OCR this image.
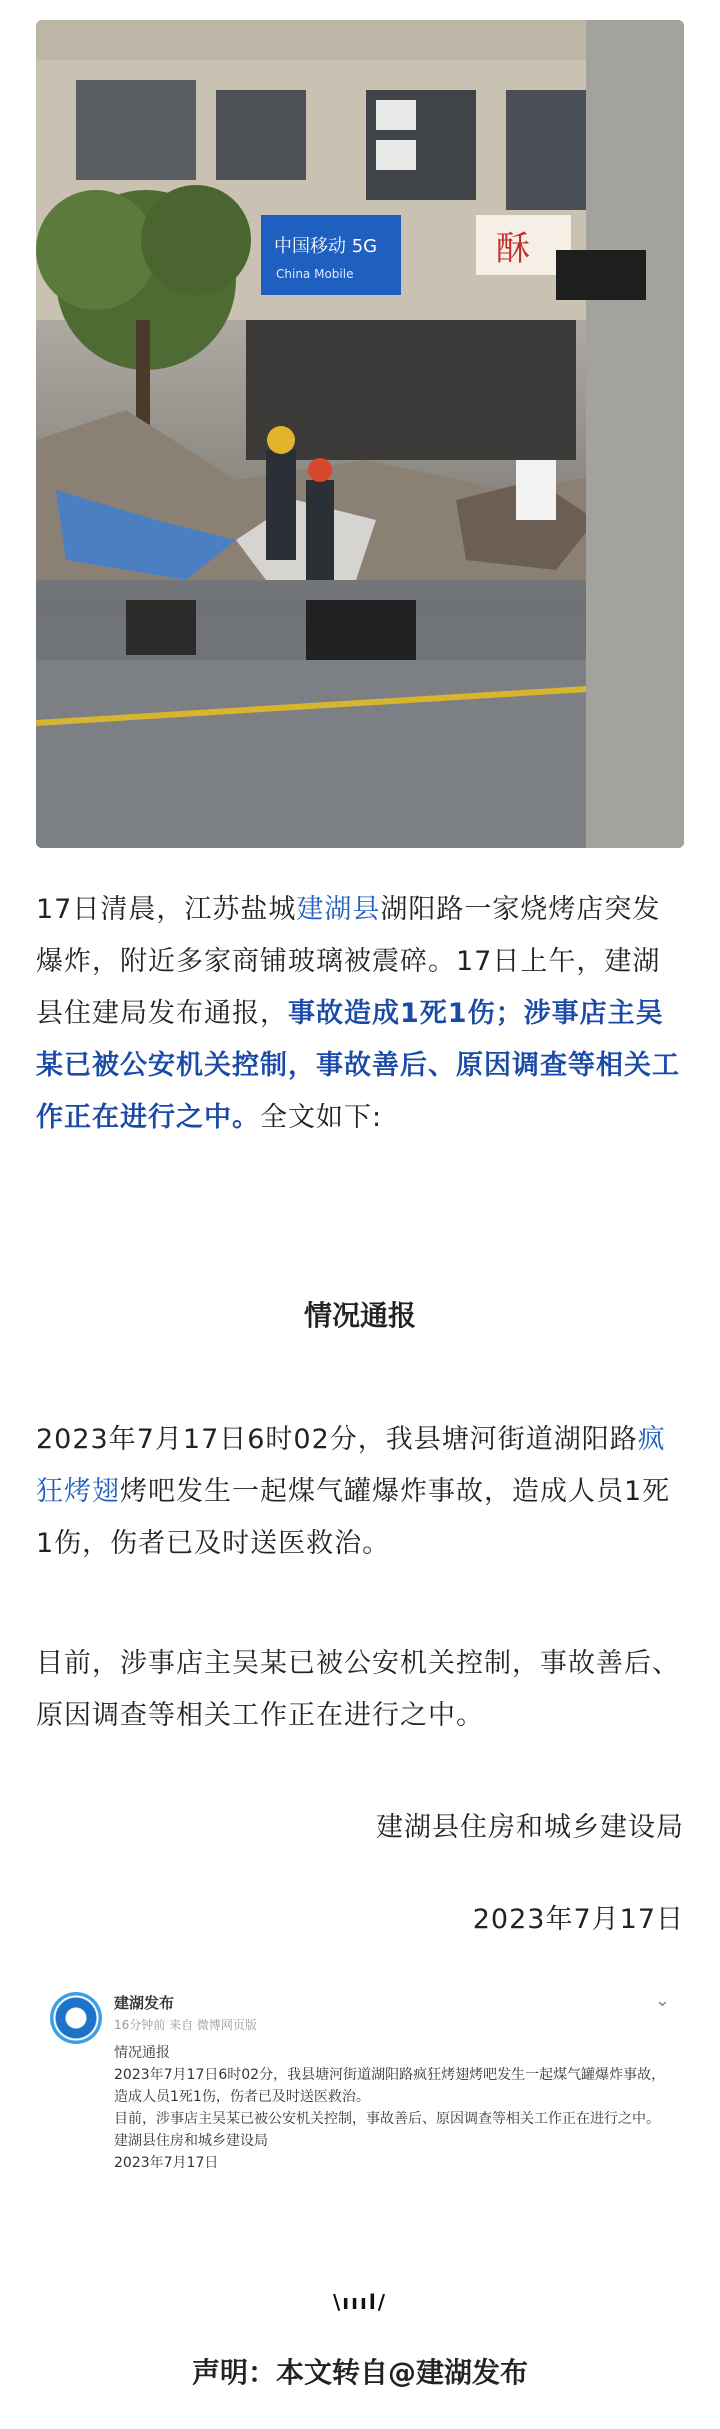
中国移动 5G
China Mobile
酥
17日清晨，江苏盐城建湖县湖阳路一家烧烤店突发爆炸，附近多家商铺玻璃被震碎。17日上午，建湖县住建局发布通报，事故造成1死1伤；涉事店主吴某已被公安机关控制，事故善后、原因调查等相关工作正在进行之中。全文如下:
情况通报
2023年7月17日6时02分，我县塘河街道湖阳路疯狂烤翅烤吧发生一起煤气罐爆炸事故，造成人员1死1伤，伤者已及时送医救治。
目前，涉事店主吴某已被公安机关控制，事故善后、原因调查等相关工作正在进行之中。
建湖县住房和城乡建设局
2023年7月17日
建湖发布
16分钟前 来自 微博网页版
⌄
情况通报
2023年7月17日6时02分，我县塘河街道湖阳路疯狂烤翅烤吧发生一起煤气罐爆炸事故，造成人员1死1伤，伤者已及时送医救治。
目前，涉事店主吴某已被公安机关控制，事故善后、原因调查等相关工作正在进行之中。
建湖县住房和城乡建设局
2023年7月17日
\ıııl/
声明：本文转自@建湖发布
